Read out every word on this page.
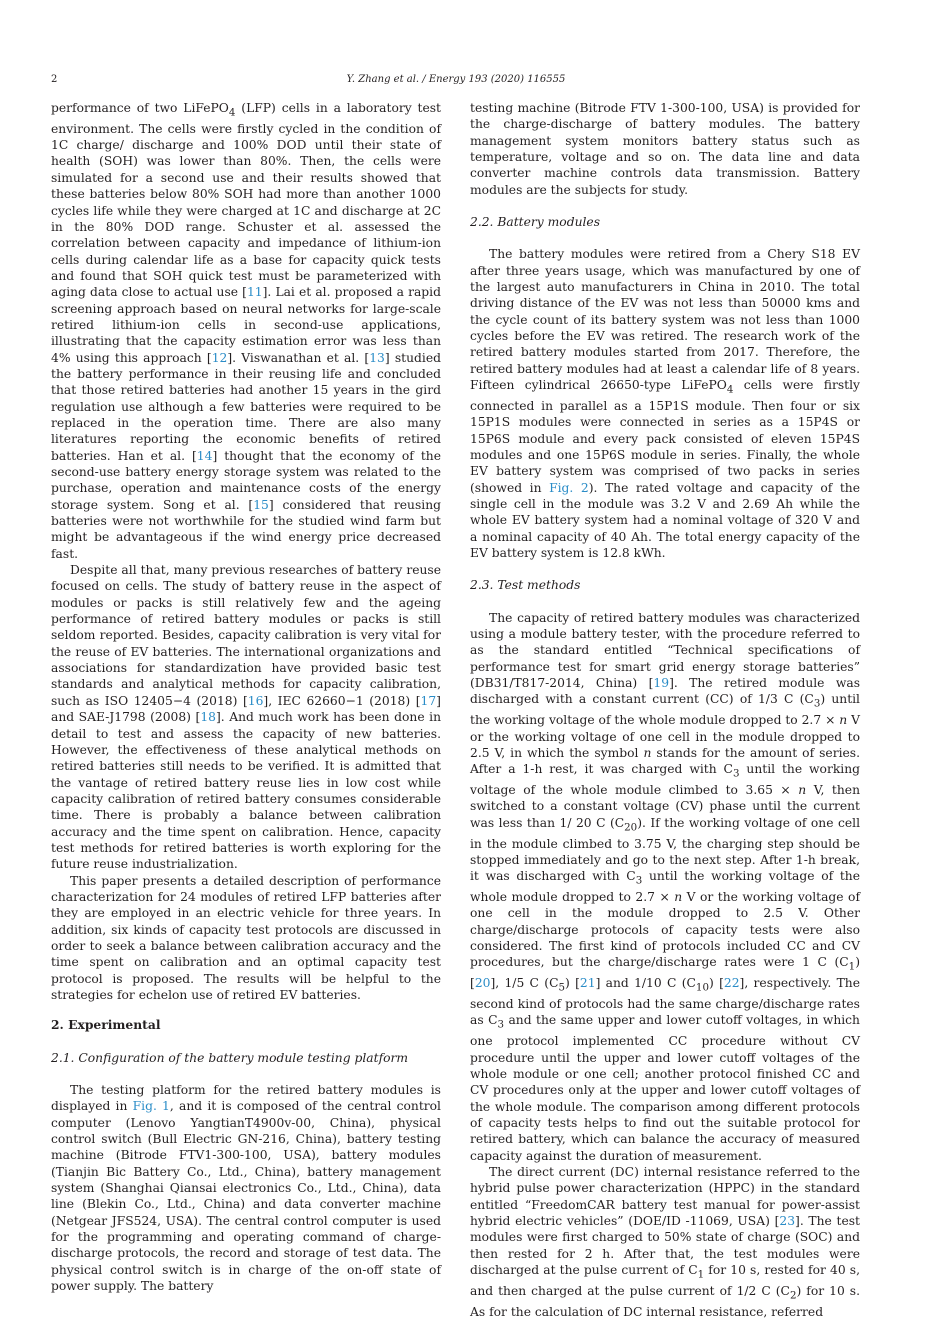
2	Y. Zhang et al. / Energy 193 (2020) 116555

performance of two LiFePO$_4$ (LFP) cells in a laboratory test environment. The cells were firstly cycled in the condition of 1C charge/ discharge and 100% DOD until their state of health (SOH) was lower than 80%. Then, the cells were simulated for a second use and their results showed that these batteries below 80% SOH had more than another 1000 cycles life while they were charged at 1C and discharge at 2C in the 80% DOD range. Schuster et al. assessed the correlation between capacity and impedance of lithium-ion cells during calendar life as a base for capacity quick tests and found that SOH quick test must be parameterized with aging data close to actual use [11]. Lai et al. proposed a rapid screening approach based on neural networks for large-scale retired lithium-ion cells in second-use applications, illustrating that the capacity estimation error was less than 4% using this approach [12]. Viswanathan et al. [13] studied the battery performance in their reusing life and concluded that those retired batteries had another 15 years in the gird regulation use although a few batteries were required to be replaced in the operation time. There are also many literatures reporting the economic benefits of retired batteries. Han et al. [14] thought that the economy of the second-use battery energy storage system was related to the purchase, operation and maintenance costs of the energy storage system. Song et al. [15] considered that reusing batteries were not worthwhile for the studied wind farm but might be advantageous if the wind energy price decreased fast.

Despite all that, many previous researches of battery reuse focused on cells. The study of battery reuse in the aspect of modules or packs is still relatively few and the ageing performance of retired battery modules or packs is still seldom reported. Besides, capacity calibration is very vital for the reuse of EV batteries. The international organizations and associations for standardization have provided basic test standards and analytical methods for capacity calibration, such as ISO 12405−4 (2018) [16], IEC 62660−1 (2018) [17] and SAE-J1798 (2008) [18]. And much work has been done in detail to test and assess the capacity of new batteries. However, the effectiveness of these analytical methods on retired batteries still needs to be verified. It is admitted that the vantage of retired battery reuse lies in low cost while capacity calibration of retired battery consumes considerable time. There is probably a balance between calibration accuracy and the time spent on calibration. Hence, capacity test methods for retired batteries is worth exploring for the future reuse industrialization.

This paper presents a detailed description of performance characterization for 24 modules of retired LFP batteries after they are employed in an electric vehicle for three years. In addition, six kinds of capacity test protocols are discussed in order to seek a balance between calibration accuracy and the time spent on calibration and an optimal capacity test protocol is proposed. The results will be helpful to the strategies for echelon use of retired EV batteries.

2. Experimental
2.1. Configuration of the battery module testing platform

The testing platform for the retired battery modules is displayed in Fig. 1, and it is composed of the central control computer (Lenovo YangtianT4900v-00, China), physical control switch (Bull Electric GN-216, China), battery testing machine (Bitrode FTV1-300-100, USA), battery modules (Tianjin Bic Battery Co., Ltd., China), battery management system (Shanghai Qiansai electronics Co., Ltd., China), data line (Blekin Co., Ltd., China) and data converter machine (Netgear JFS524, USA). The central control computer is used for the programming and operating command of charge-discharge protocols, the record and storage of test data. The physical control switch is in charge of the on-off state of power supply. The battery

testing machine (Bitrode FTV 1-300-100, USA) is provided for the charge-discharge of battery modules. The battery management system monitors battery status such as temperature, voltage and so on. The data line and data converter machine controls data transmission. Battery modules are the subjects for study.

2.2. Battery modules

The battery modules were retired from a Chery S18 EV after three years usage, which was manufactured by one of the largest auto manufacturers in China in 2010. The total driving distance of the EV was not less than 50000 kms and the cycle count of its battery system was not less than 1000 cycles before the EV was retired. The research work of the retired battery modules started from 2017. Therefore, the retired battery modules had at least a calendar life of 8 years. Fifteen cylindrical 26650-type LiFePO$_4$ cells were firstly connected in parallel as a 15P1S module. Then four or six 15P1S modules were connected in series as a 15P4S or 15P6S module and every pack consisted of eleven 15P4S modules and one 15P6S module in series. Finally, the whole EV battery system was comprised of two packs in series (showed in Fig. 2). The rated voltage and capacity of the single cell in the module was 3.2 V and 2.69 Ah while the whole EV battery system had a nominal voltage of 320 V and a nominal capacity of 40 Ah. The total energy capacity of the EV battery system is 12.8 kWh.

2.3. Test methods

The capacity of retired battery modules was characterized using a module battery tester, with the procedure referred to as the standard entitled “Technical specifications of performance test for smart grid energy storage batteries” (DB31/T817-2014, China) [19]. The retired module was discharged with a constant current (CC) of 1/3 C $(C_3)$ until the working voltage of the whole module dropped to 2.7 × n V or the working voltage of one cell in the module dropped to 2.5 V, in which the symbol n stands for the amount of series. After a 1-h rest, it was charged with $C_3$ until the working voltage of the whole module climbed to 3.65 × n V, then switched to a constant voltage (CV) phase until the current was less than 1/ 20 C $(C_{20})$. If the working voltage of one cell in the module climbed to 3.75 V, the charging step should be stopped immediately and go to the next step. After 1-h break, it was discharged with $C_3$ until the working voltage of the whole module dropped to 2.7 × n V or the working voltage of one cell in the module dropped to 2.5 V. Other charge/discharge protocols of capacity tests were also considered. The first kind of protocols included CC and CV procedures, but the charge/discharge rates were 1 C $(C_1)$ [20], 1/5 C $(C_5)$ [21] and 1/10 C $(C_{10})$ [22], respectively. The second kind of protocols had the same charge/discharge rates as $C_3$ and the same upper and lower cutoff voltages, in which one protocol implemented CC procedure without CV procedure until the upper and lower cutoff voltages of the whole module or one cell; another protocol finished CC and CV procedures only at the upper and lower cutoff voltages of the whole module. The comparison among different protocols of capacity tests helps to find out the suitable protocol for retired battery, which can balance the accuracy of measured capacity against the duration of measurement.

The direct current (DC) internal resistance referred to the hybrid pulse power characterization (HPPC) in the standard entitled “FreedomCAR battery test manual for power-assist hybrid electric vehicles” (DOE/ID -11069, USA) [23]. The test modules were first charged to 50% state of charge (SOC) and then rested for 2 h. After that, the test modules were discharged at the pulse current of $C_1$ for 10 s, rested for 40 s, and then charged at the pulse current of 1/2 C $(C_2)$ for 10 s. As for the calculation of DC internal resistance, referred
